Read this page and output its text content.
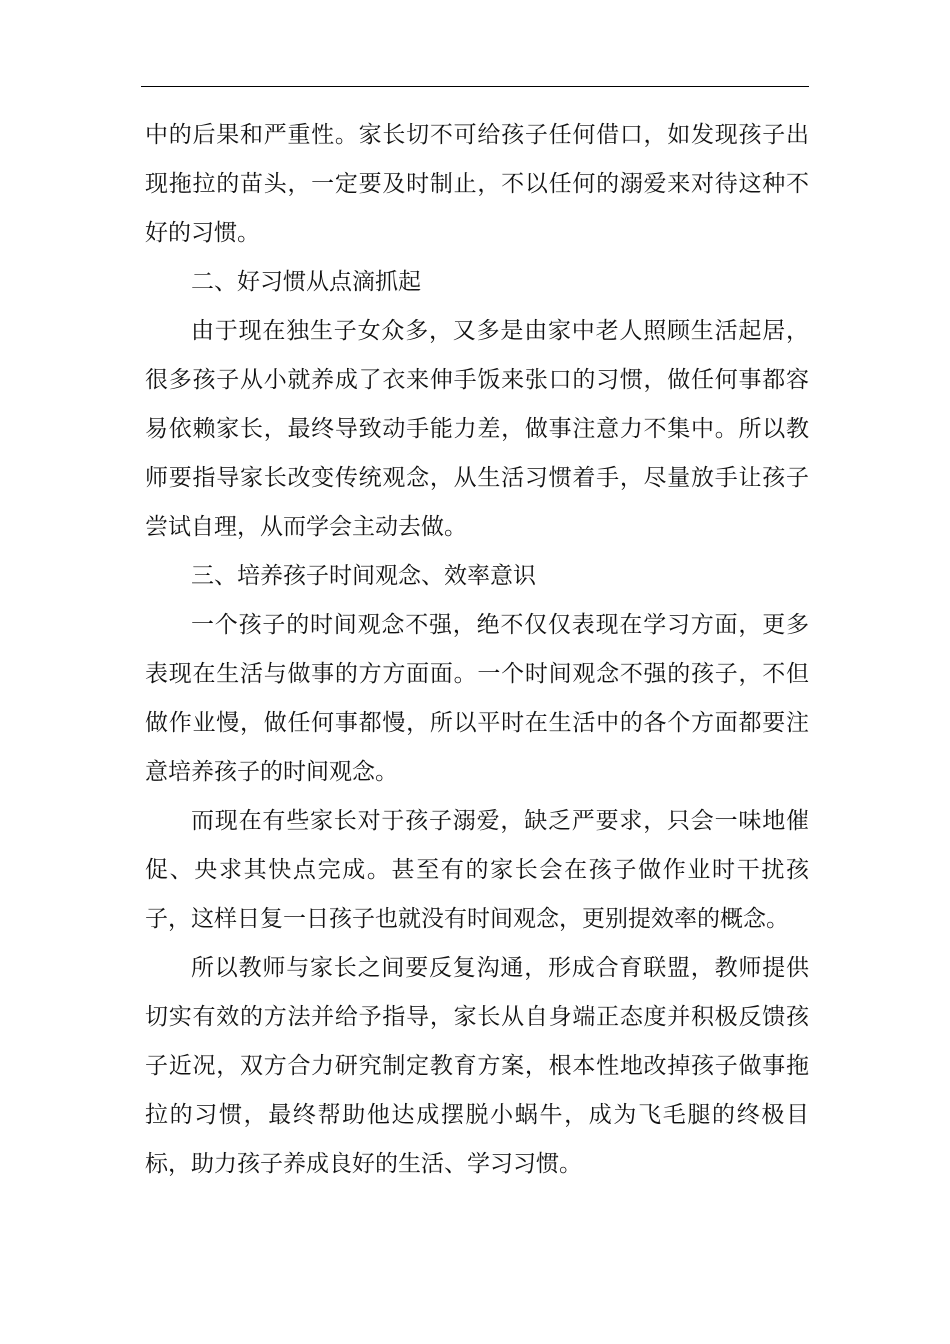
中的后果和严重性。家长切不可给孩子任何借口，如发现孩子出现拖拉的苗头，一定要及时制止，不以任何的溺爱来对待这种不好的习惯。

二、好习惯从点滴抓起

由于现在独生子女众多，又多是由家中老人照顾生活起居，很多孩子从小就养成了衣来伸手饭来张口的习惯，做任何事都容易依赖家长，最终导致动手能力差，做事注意力不集中。所以教师要指导家长改变传统观念，从生活习惯着手，尽量放手让孩子尝试自理，从而学会主动去做。

三、培养孩子时间观念、效率意识

一个孩子的时间观念不强，绝不仅仅表现在学习方面，更多表现在生活与做事的方方面面。一个时间观念不强的孩子，不但做作业慢，做任何事都慢，所以平时在生活中的各个方面都要注意培养孩子的时间观念。

而现在有些家长对于孩子溺爱，缺乏严要求，只会一味地催促、央求其快点完成。甚至有的家长会在孩子做作业时干扰孩子，这样日复一日孩子也就没有时间观念，更别提效率的概念。

所以教师与家长之间要反复沟通，形成合育联盟，教师提供切实有效的方法并给予指导，家长从自身端正态度并积极反馈孩子近况，双方合力研究制定教育方案，根本性地改掉孩子做事拖拉的习惯，最终帮助他达成摆脱小蜗牛，成为飞毛腿的终极目标，助力孩子养成良好的生活、学习习惯。
